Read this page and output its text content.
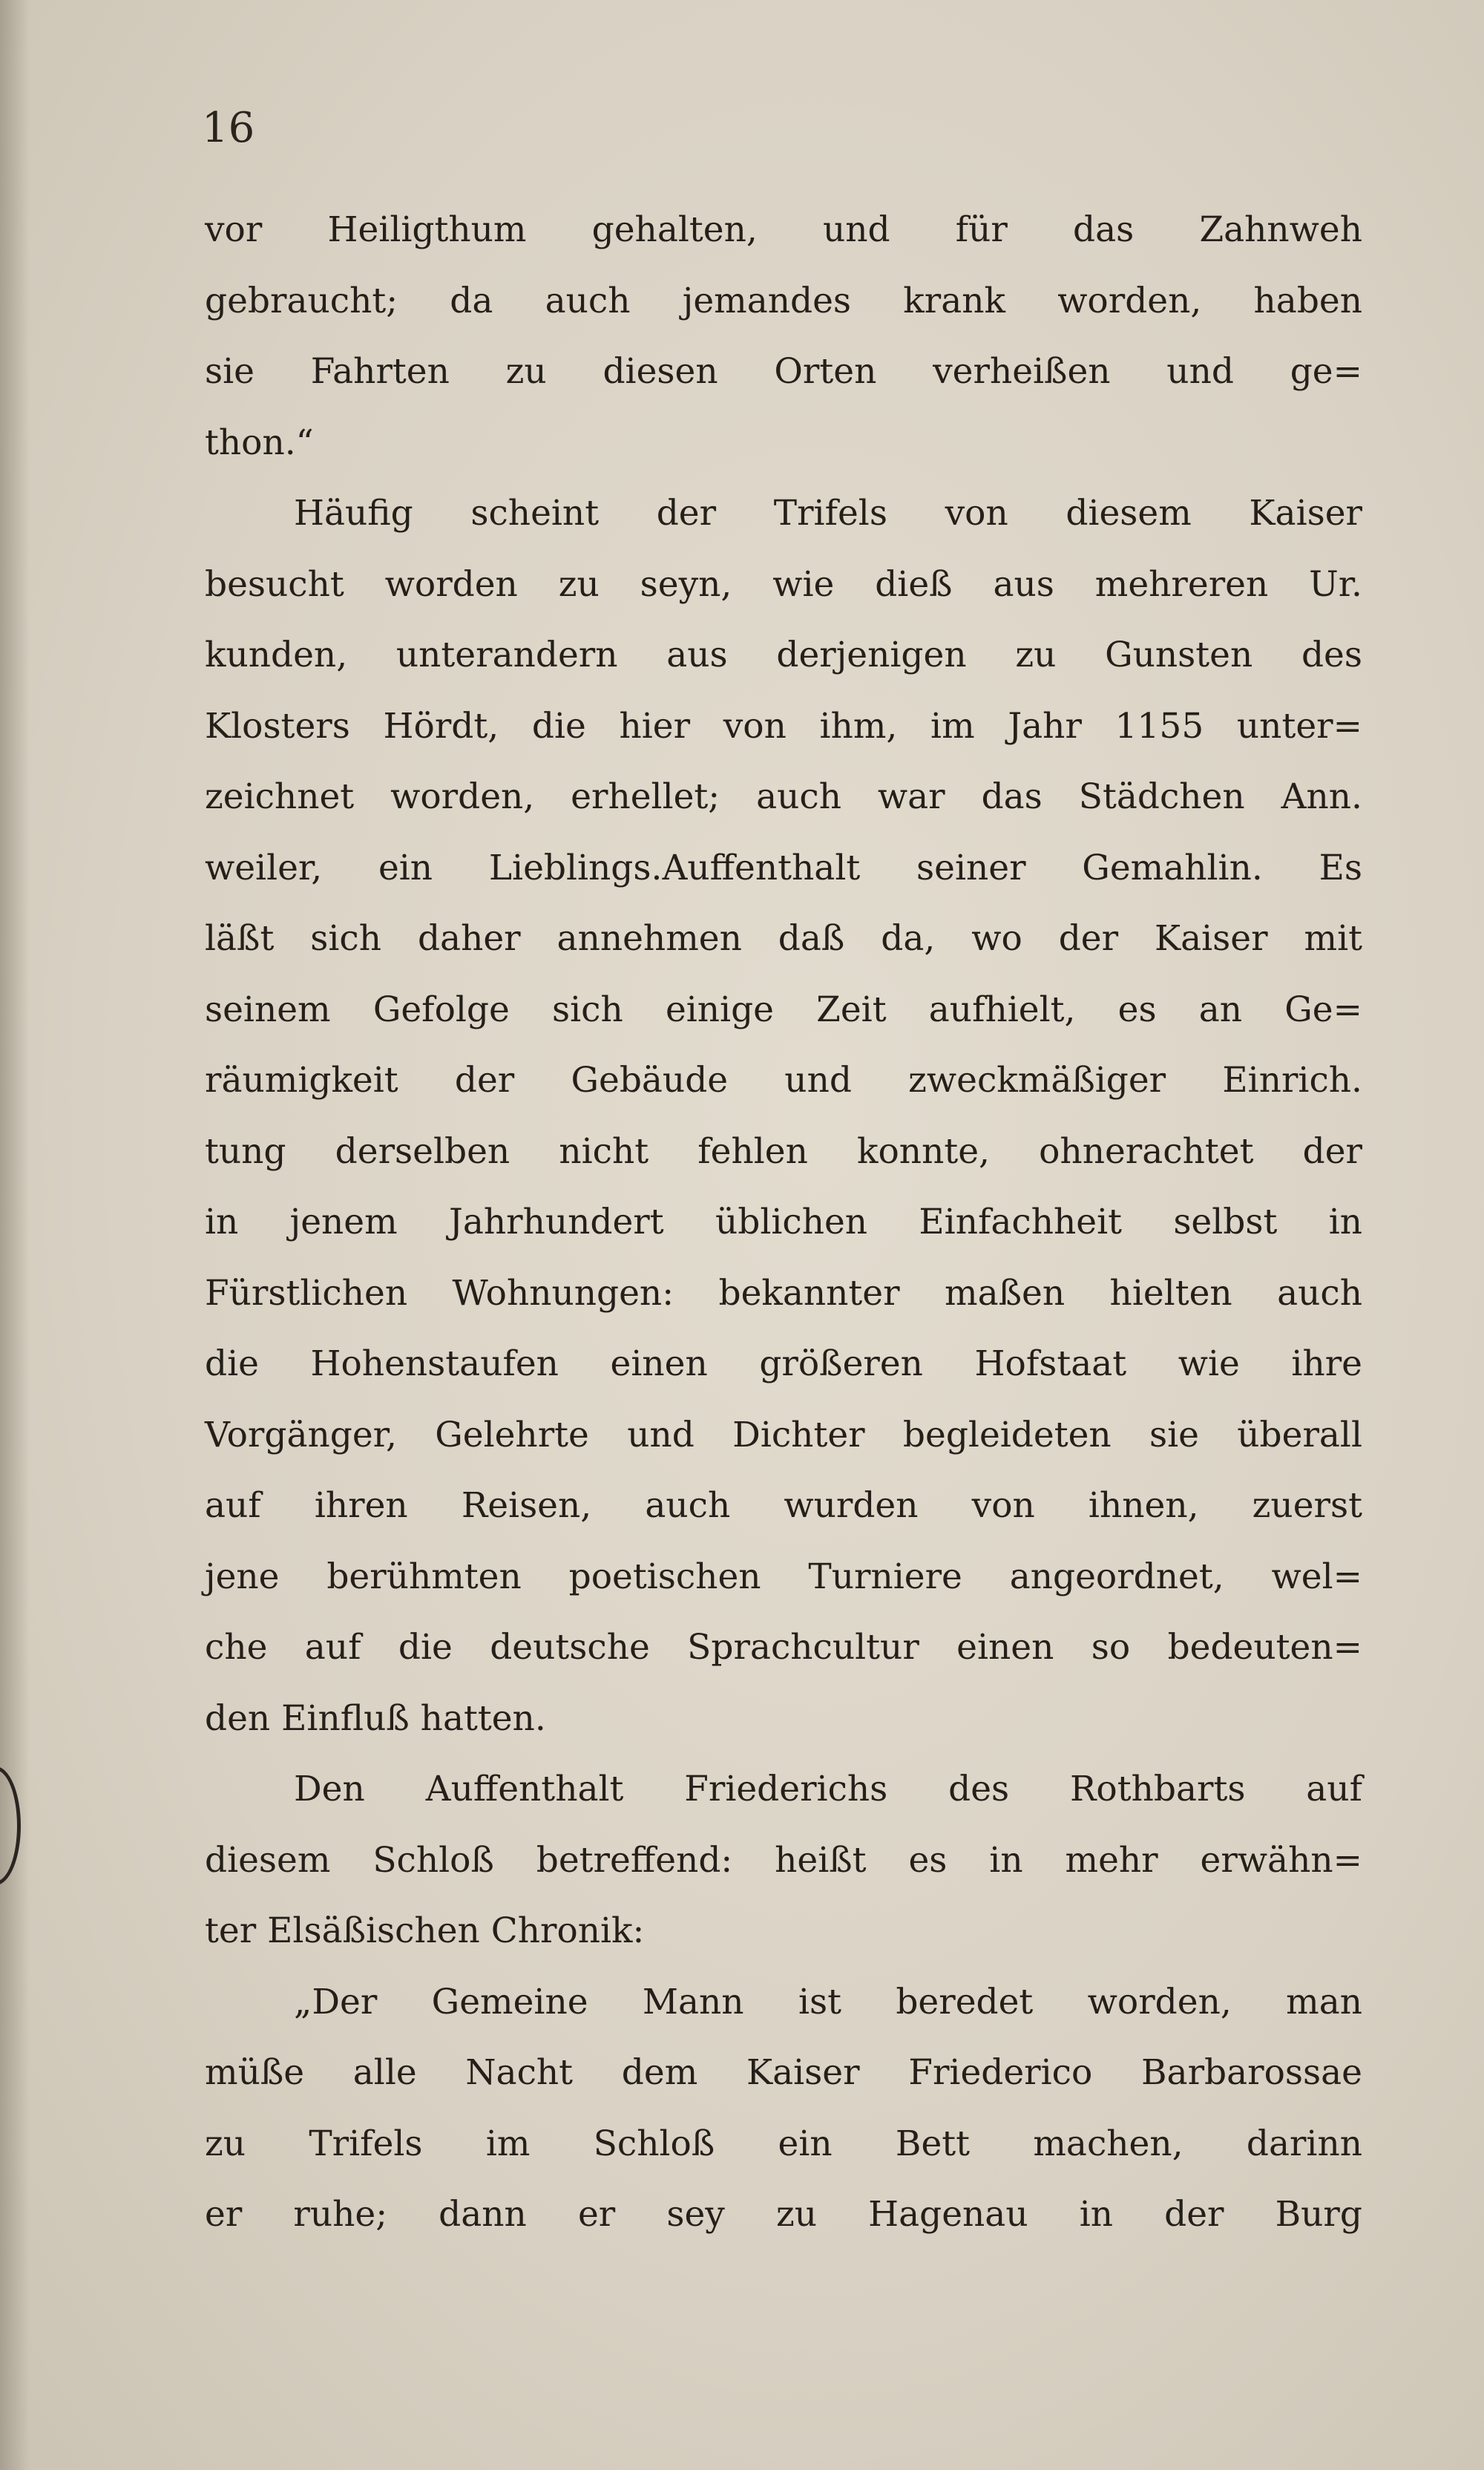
16
vor Heiligthum gehalten, und für das Zahnweh
gebraucht; da auch jemandes krank worden, haben
sie Fahrten zu diesen Orten verheißen und ge=
thon.“
Häufig scheint der Trifels von diesem Kaiser
besucht worden zu seyn, wie dieß aus mehreren Ur.
kunden, unterandern aus derjenigen zu Gunsten des
Klosters Hördt, die hier von ihm, im Jahr 1155 unter=
zeichnet worden, erhellet; auch war das Städchen Ann.
weiler, ein Lieblings.Auffenthalt seiner Gemahlin. Es
läßt sich daher annehmen daß da, wo der Kaiser mit
seinem Gefolge sich einige Zeit aufhielt, es an Ge=
räumigkeit der Gebäude und zweckmäßiger Einrich.
tung derselben nicht fehlen konnte, ohnerachtet der
in jenem Jahrhundert üblichen Einfachheit selbst in
Fürstlichen Wohnungen: bekannter maßen hielten auch
die Hohenstaufen einen größeren Hofstaat wie ihre
Vorgänger, Gelehrte und Dichter begleideten sie überall
auf ihren Reisen, auch wurden von ihnen, zuerst
jene berühmten poetischen Turniere angeordnet, wel=
che auf die deutsche Sprachcultur einen so bedeuten=
den Einfluß hatten.
Den Auffenthalt Friederichs des Rothbarts auf
diesem Schloß betreffend: heißt es in mehr erwähn=
ter Elsäßischen Chronik:
„Der Gemeine Mann ist beredet worden, man
müße alle Nacht dem Kaiser Friederico Barbarossae
zu Trifels im Schloß ein Bett machen, darinn
er ruhe; dann er sey zu Hagenau in der Burg
